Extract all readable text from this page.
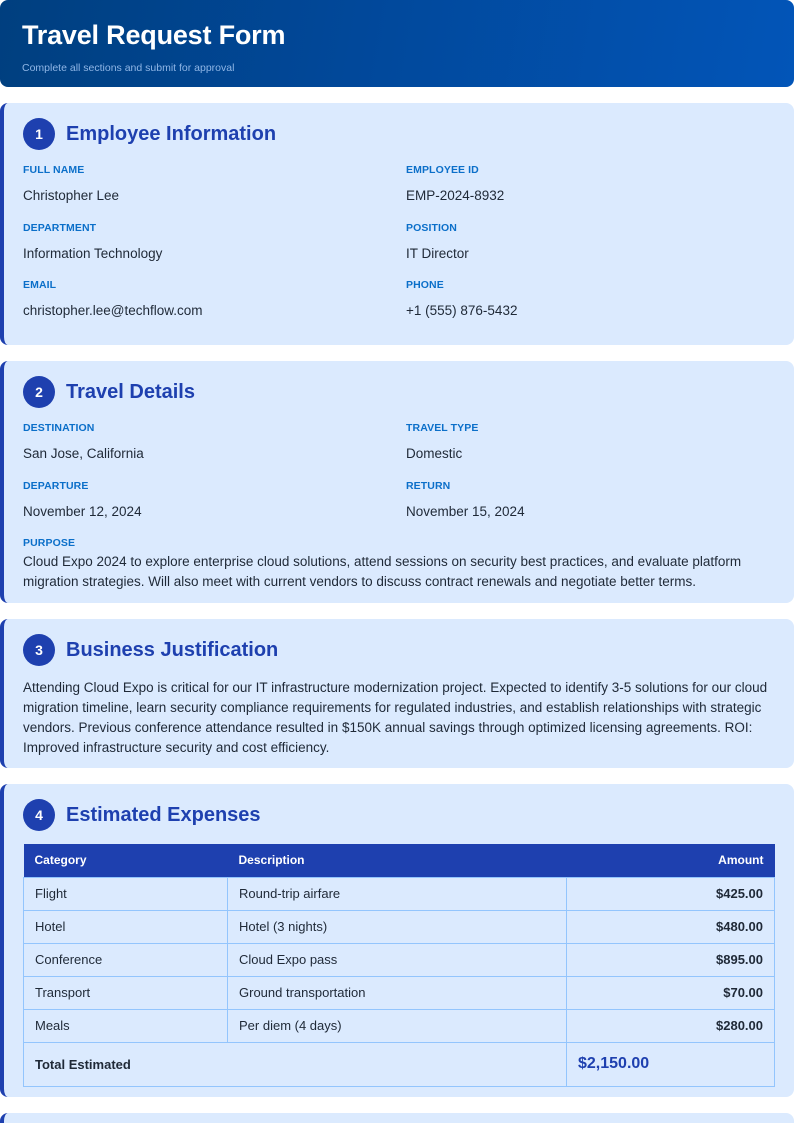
Travel Request Form
Complete all sections and submit for approval
1	Employee Information
FULL NAME
Christopher Lee
EMPLOYEE ID
EMP-2024-8932
DEPARTMENT
Information Technology
POSITION
IT Director
EMAIL
christopher.lee@techflow.com
PHONE
+1 (555) 876-5432
2	Travel Details
DESTINATION
San Jose, California
TRAVEL TYPE
Domestic
DEPARTURE
November 12, 2024
RETURN
November 15, 2024
PURPOSE
Cloud Expo 2024 to explore enterprise cloud solutions, attend sessions on security best practices, and evaluate platform migration strategies. Will also meet with current vendors to discuss contract renewals and negotiate better terms.
3	Business Justification
Attending Cloud Expo is critical for our IT infrastructure modernization project. Expected to identify 3-5 solutions for our cloud migration timeline, learn security compliance requirements for regulated industries, and establish relationships with strategic vendors. Previous conference attendance resulted in $150K annual savings through optimized licensing agreements. ROI: Improved infrastructure security and cost efficiency.
4	Estimated Expenses
Category	Description	Amount
Flight	Round-trip airfare	$425.00
Hotel	Hotel (3 nights)	$480.00
Conference	Cloud Expo pass	$895.00
Transport	Ground transportation	$70.00
Meals	Per diem (4 days)	$280.00
Total Estimated		$2,150.00
